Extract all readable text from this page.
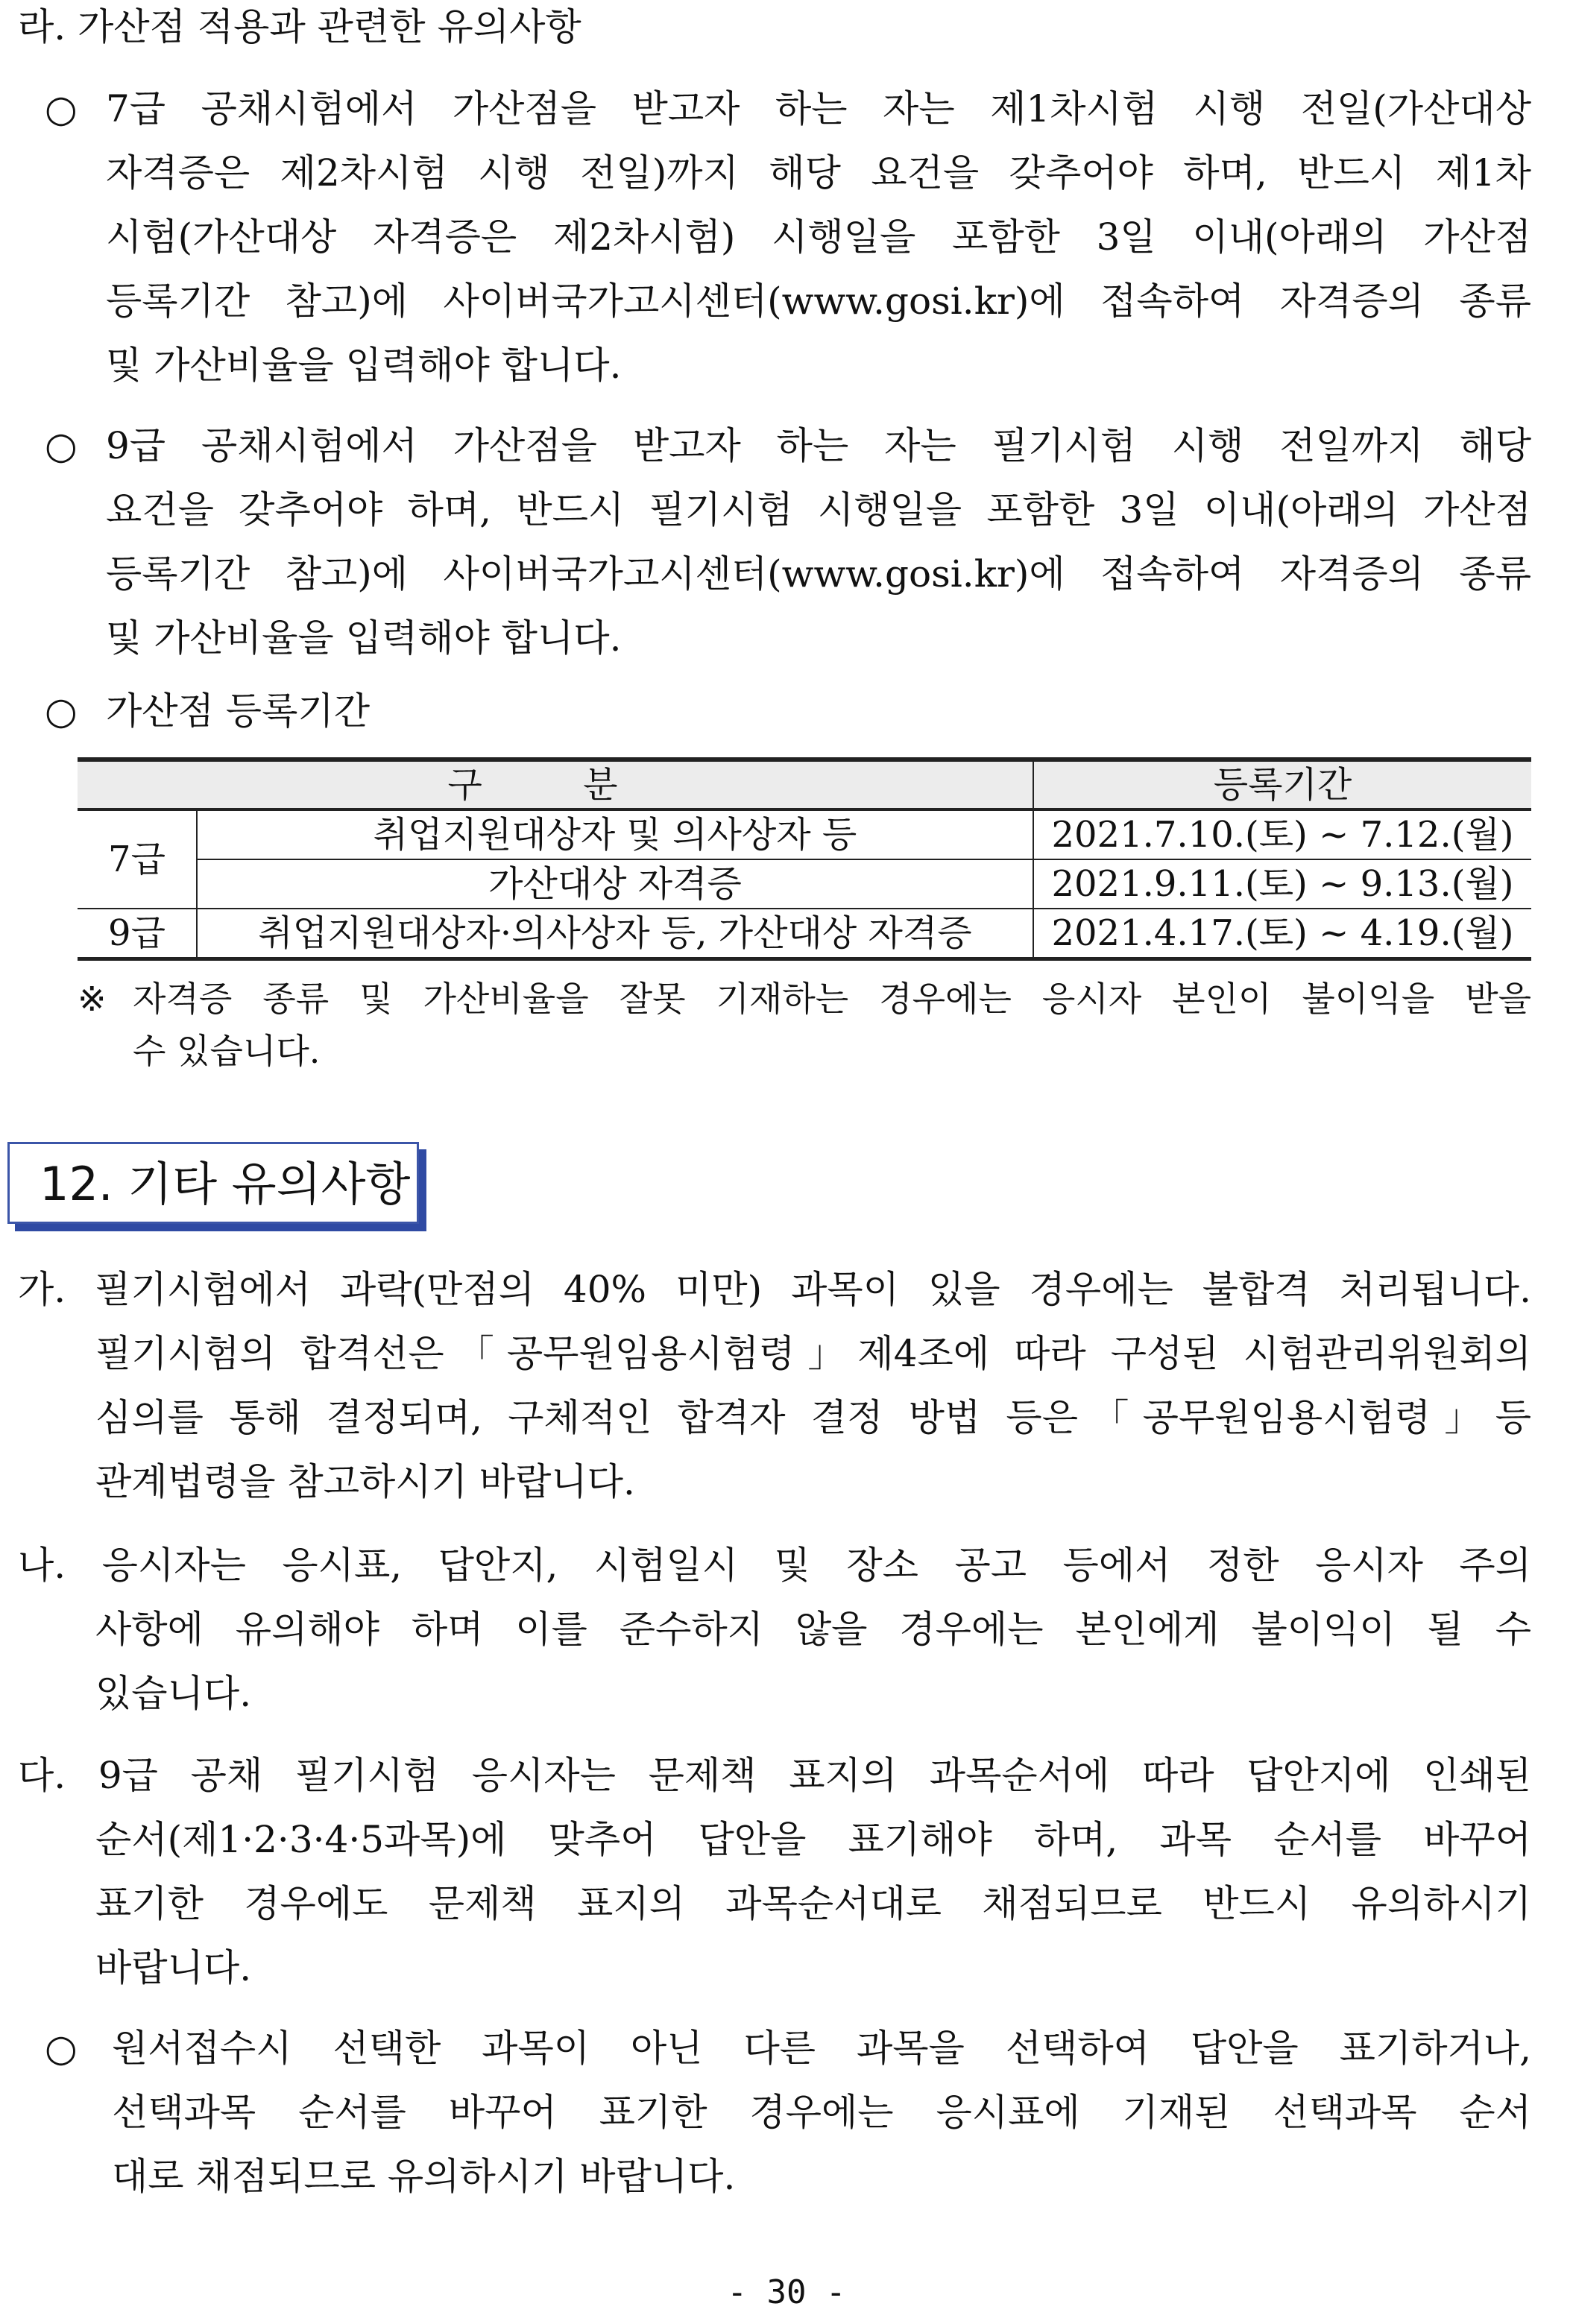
라. 가산점 적용과 관련한 유의사항
○ 7급 공채시험에서 가산점을 받고자 하는 자는 제1차시험 시행 전일(가산대상
자격증은 제2차시험 시행 전일)까지 해당 요건을 갖추어야 하며, 반드시 제1차
시험(가산대상 자격증은 제2차시험) 시행일을 포함한 3일 이내(아래의 가산점
등록기간 참고)에 사이버국가고시센터(www.gosi.kr)에 접속하여 자격증의 종류
및 가산비율을 입력해야 합니다.
○ 9급 공채시험에서 가산점을 받고자 하는 자는 필기시험 시행 전일까지 해당
요건을 갖추어야 하며, 반드시 필기시험 시행일을 포함한 3일 이내(아래의 가산점
등록기간 참고)에 사이버국가고시센터(www.gosi.kr)에 접속하여 자격증의 종류
및 가산비율을 입력해야 합니다.
○ 가산점 등록기간
구 분		등록기간
7급	취업지원대상자 및 의사상자 등	2021.7.10.(토) ~ 7.12.(월)
	가산대상 자격증	2021.9.11.(토) ~ 9.13.(월)
9급	취업지원대상자·의사상자 등, 가산대상 자격증	2021.4.17.(토) ~ 4.19.(월)
※ 자격증 종류 및 가산비율을 잘못 기재하는 경우에는 응시자 본인이 불이익을 받을
수 있습니다.
12. 기타 유의사항
가. 필기시험에서 과락(만점의 40% 미만) 과목이 있을 경우에는 불합격 처리됩니다.
필기시험의 합격선은「공무원임용시험령」제4조에 따라 구성된 시험관리위원회의
심의를 통해 결정되며, 구체적인 합격자 결정 방법 등은「공무원임용시험령」등
관계법령을 참고하시기 바랍니다.
나. 응시자는 응시표, 답안지, 시험일시 및 장소 공고 등에서 정한 응시자 주의
사항에 유의해야 하며 이를 준수하지 않을 경우에는 본인에게 불이익이 될 수
있습니다.
다. 9급 공채 필기시험 응시자는 문제책 표지의 과목순서에 따라 답안지에 인쇄된
순서(제1·2·3·4·5과목)에 맞추어 답안을 표기해야 하며, 과목 순서를 바꾸어
표기한 경우에도 문제책 표지의 과목순서대로 채점되므로 반드시 유의하시기
바랍니다.
○ 원서접수시 선택한 과목이 아닌 다른 과목을 선택하여 답안을 표기하거나,
선택과목 순서를 바꾸어 표기한 경우에는 응시표에 기재된 선택과목 순서
대로 채점되므로 유의하시기 바랍니다.
- 30 -
